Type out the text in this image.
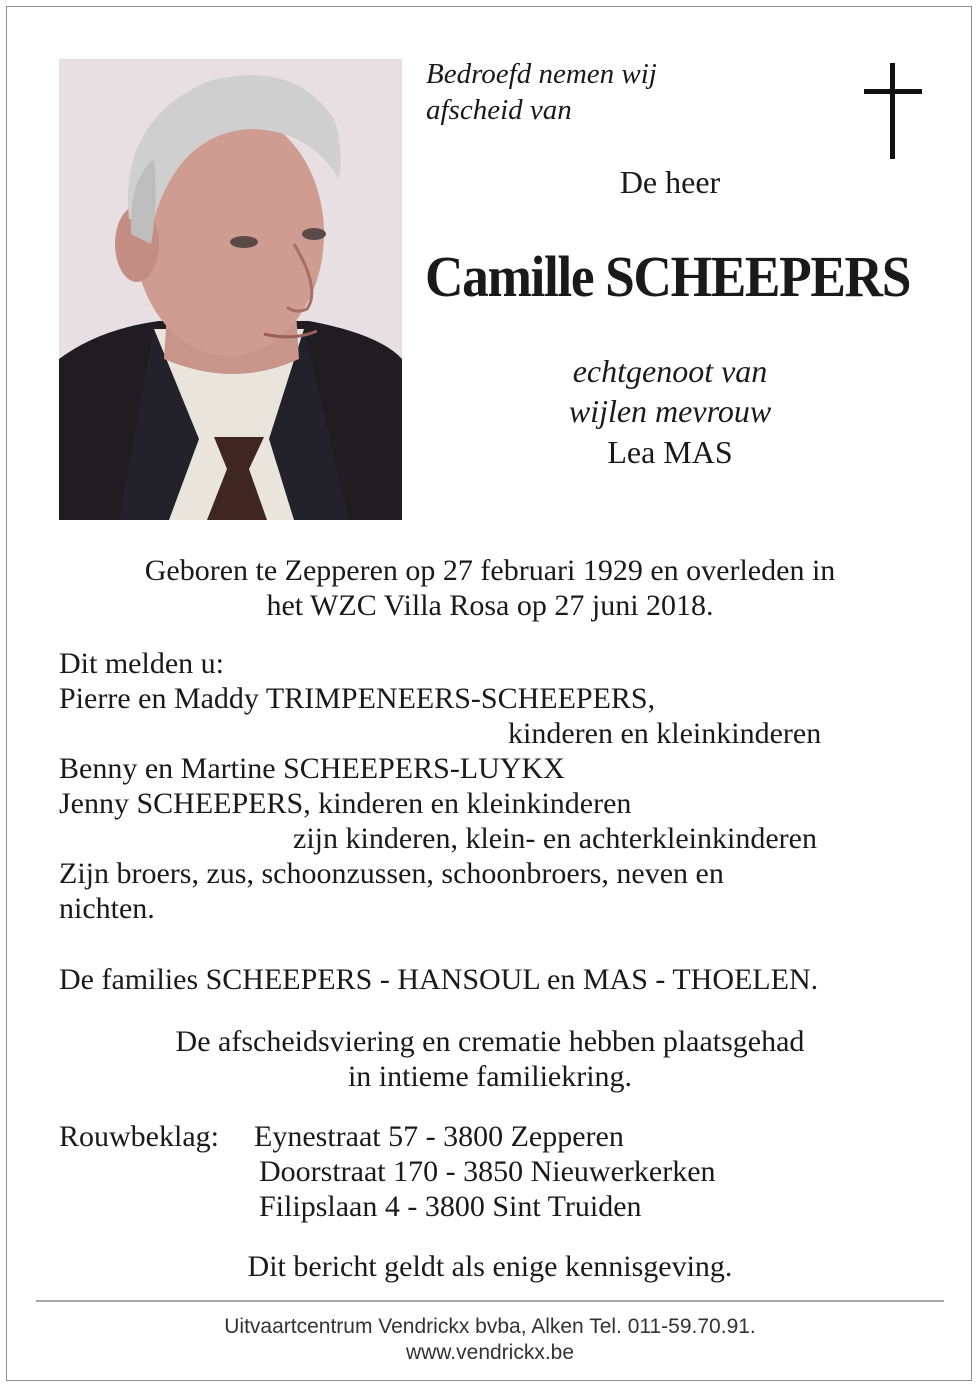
Bedroefd nemen wij
afscheid van
De heer
Camille SCHEEPERS
echtgenoot van
wijlen mevrouw
Lea MAS
Geboren te Zepperen op 27 februari 1929 en overleden in
het WZC Villa Rosa op 27 juni 2018.
Dit melden u:
Pierre en Maddy TRIMPENEERS-SCHEEPERS,
kinderen en kleinkinderen
Benny en Martine SCHEEPERS-LUYKX
Jenny SCHEEPERS, kinderen en kleinkinderen
zijn kinderen, klein- en achterkleinkinderen
Zijn broers, zus, schoonzussen, schoonbroers, neven en
nichten.
De families SCHEEPERS - HANSOUL en MAS - THOELEN.
De afscheidsviering en crematie hebben plaatsgehad
in intieme familiekring.
Rouwbeklag: Eynestraat 57 - 3800 Zepperen
Doorstraat 170 - 3850 Nieuwerkerken
Filipslaan 4 - 3800 Sint Truiden
Dit bericht geldt als enige kennisgeving.
Uitvaartcentrum Vendrickx bvba, Alken Tel. 011-59.70.91.
www.vendrickx.be
